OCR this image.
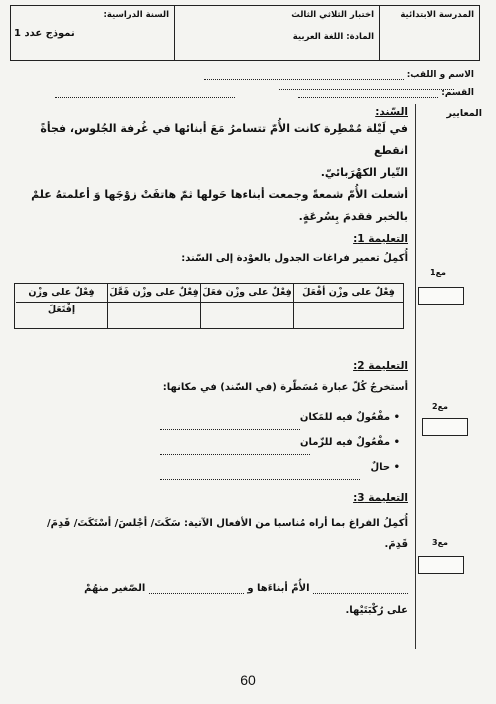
المدرسة الابتدائية
اختبار الثلاثي الثالث
المادة: اللغة العربية
السنة الدراسية:
نموذج عدد 1
الاسم و اللقب:
القسم:
المعايير
السّند:
في لَيْلة مُمْطِرة كانت الأُمّ تتسامرُ مَعَ أبنائها في غُرفة الجُلوس، فجأةً انقطع
التّيار الكهْرَبائيّ.
أشعلت الأُمّ شمعةً وجمعت أبناءها حَولها ثمّ هاتفَتْ زوْجَها وَ أعلمتهُ علمْ
بالخبر فقدمَ بِسُرعَةٍ.
التعليمة 1:
أُكمِلُ تعمير فراغات الجدول بالعوْدة إلى السّند:
فِعْلٌ على وزْن أفْعَلَ
فِعْلٌ على وزْن فعَلَ
فِعْلٌ على وزْن فَعَّلَ
فِعْلٌ على وزْن إفْتَعَلَ
مع1
التعليمة 2:
أستخرجُ كُلّ عبارة مُسَطّرة (في السّند) في مكانها:
• مفْعُولٌ فيه للمَكان
• مفْعُولٌ فيه للزّمان
• حالٌ
مع2
التعليمة 3:
أُكمِلُ الفراغ بما أراه مُناسبا من الأفعال الآتية: سَكَتَ/ أجْلسَ/ أسْتَكَتَ/ قَدِمَ/
قَدِمَ.
الأُمّ أبناءَها و  الصّغير منهُمْ
على رُكْبَتَيْها.
مع3
60
